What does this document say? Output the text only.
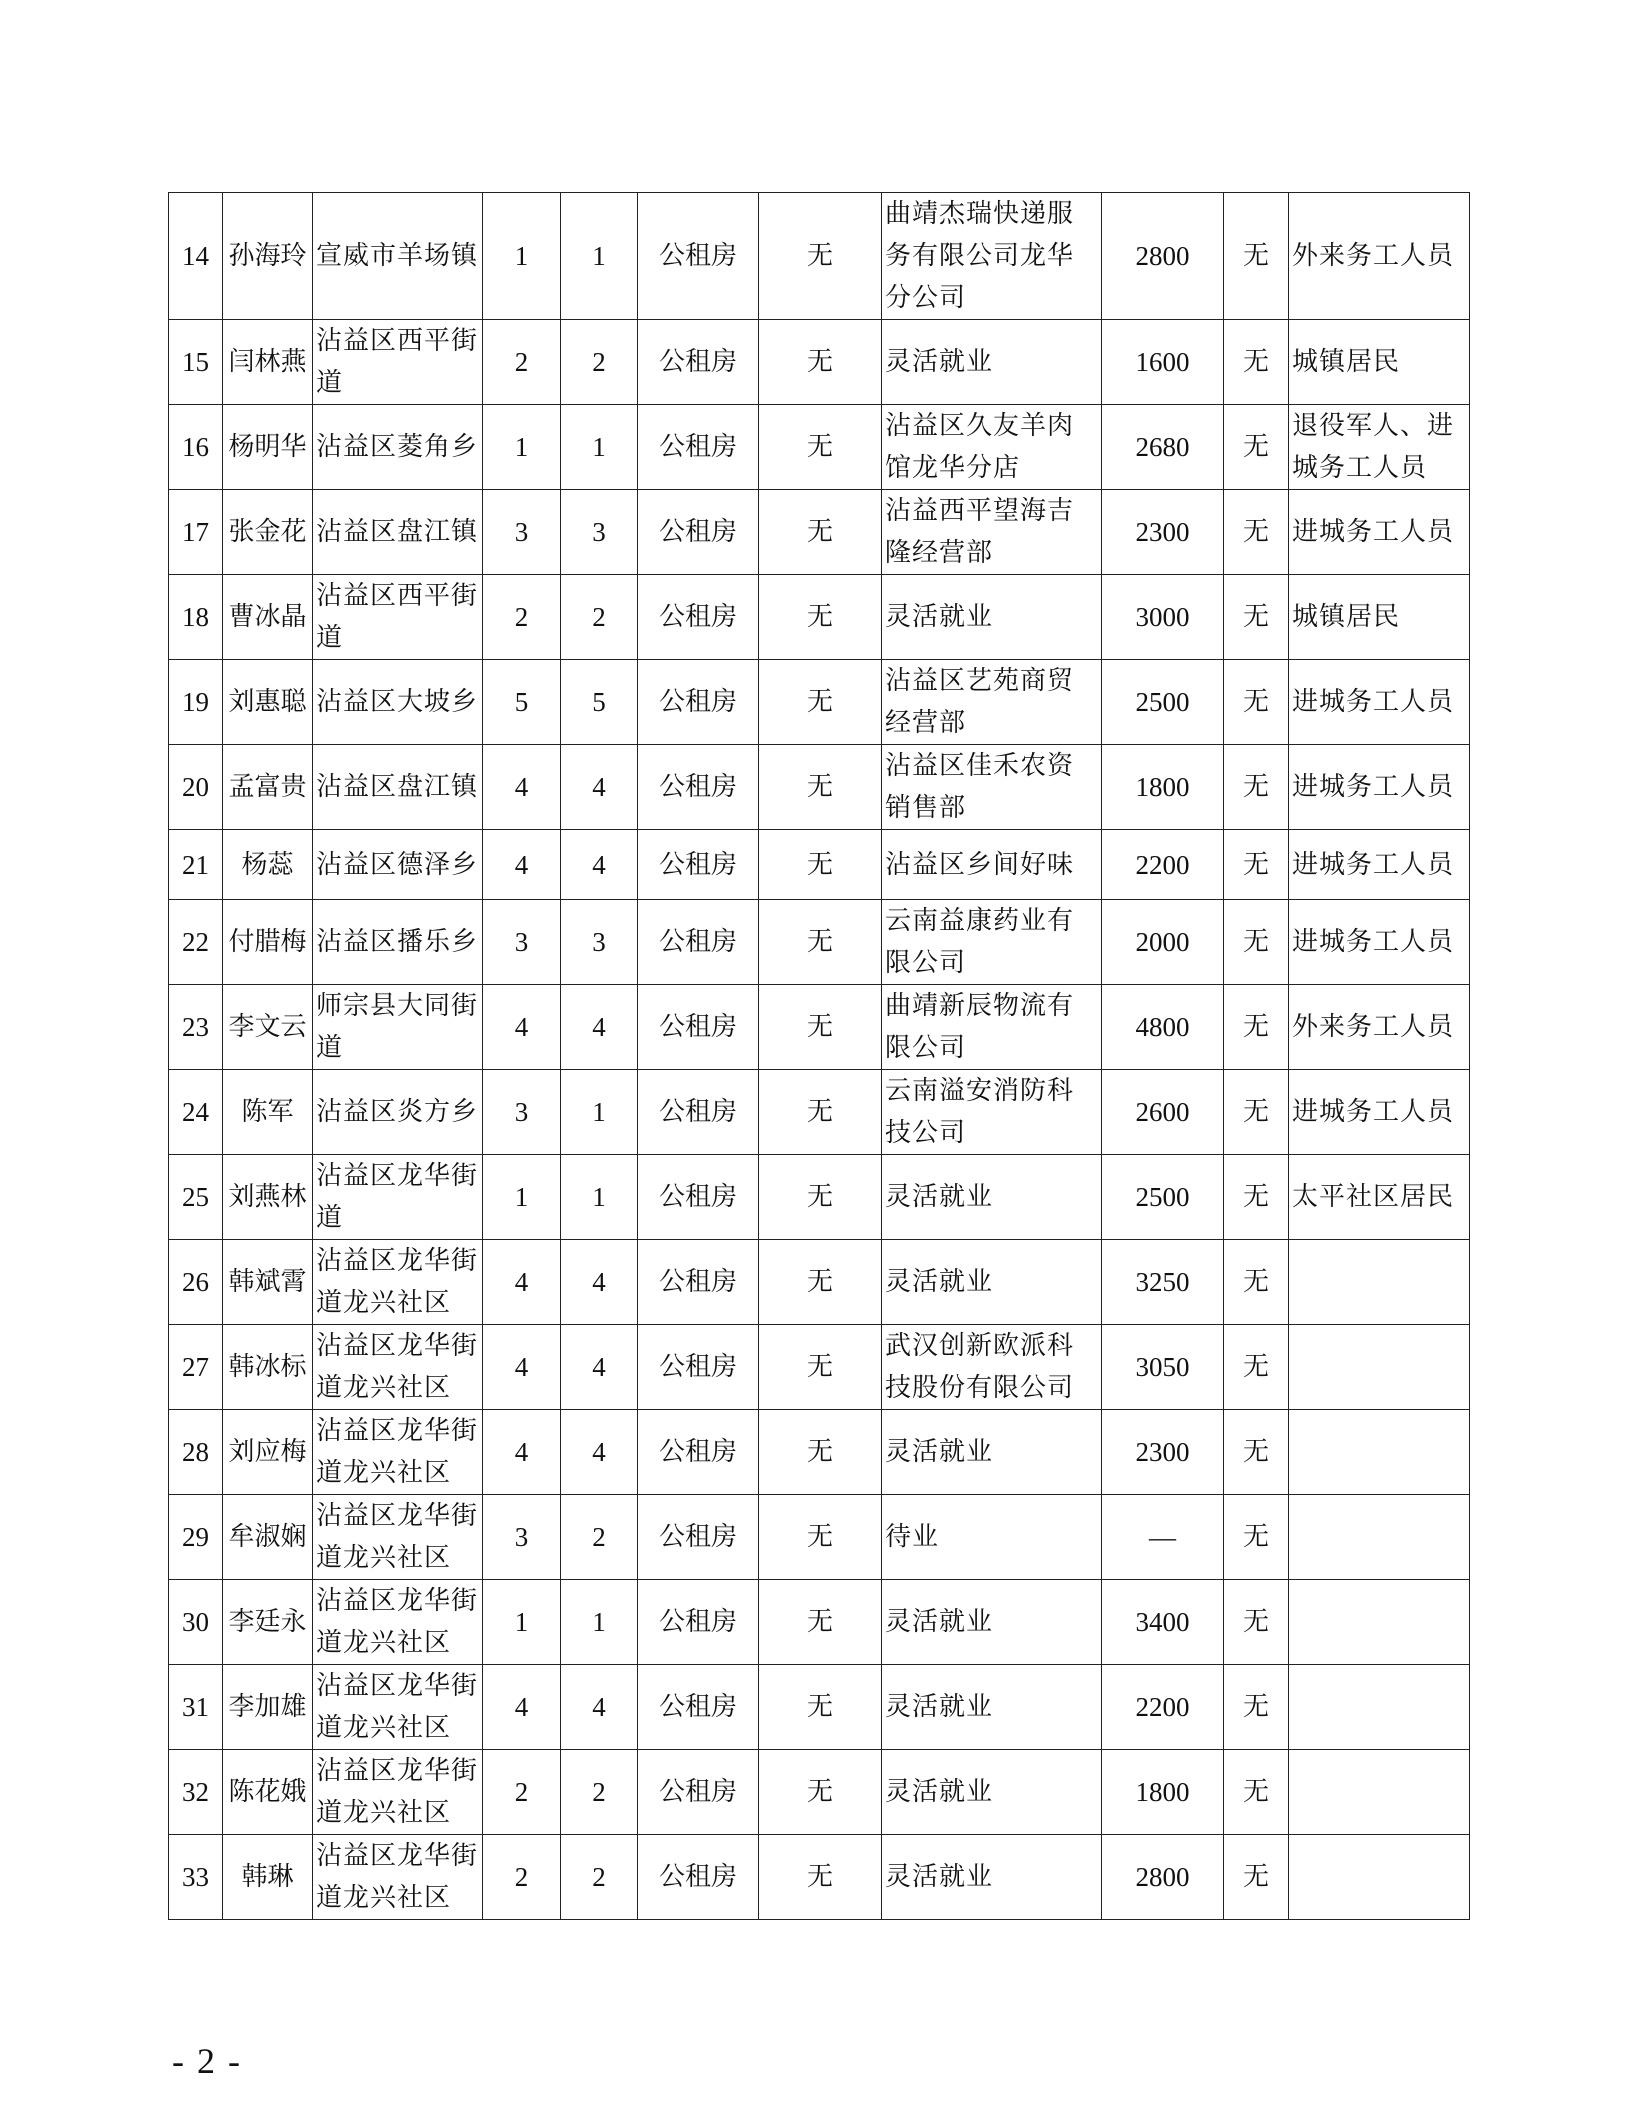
14	孙海玲	宣威市羊场镇	1	1	公租房	无	曲靖杰瑞快递服务有限公司龙华分公司	2800	无	外来务工人员
15	闫林燕	沾益区西平街道	2	2	公租房	无	灵活就业	1600	无	城镇居民
16	杨明华	沾益区菱角乡	1	1	公租房	无	沾益区久友羊肉馆龙华分店	2680	无	退役军人、进城务工人员
17	张金花	沾益区盘江镇	3	3	公租房	无	沾益西平望海吉隆经营部	2300	无	进城务工人员
18	曹冰晶	沾益区西平街道	2	2	公租房	无	灵活就业	3000	无	城镇居民
19	刘惠聪	沾益区大坡乡	5	5	公租房	无	沾益区艺苑商贸经营部	2500	无	进城务工人员
20	孟富贵	沾益区盘江镇	4	4	公租房	无	沾益区佳禾农资销售部	1800	无	进城务工人员
21	杨蕊	沾益区德泽乡	4	4	公租房	无	沾益区乡间好味	2200	无	进城务工人员
22	付腊梅	沾益区播乐乡	3	3	公租房	无	云南益康药业有限公司	2000	无	进城务工人员
23	李文云	师宗县大同街道	4	4	公租房	无	曲靖新辰物流有限公司	4800	无	外来务工人员
24	陈军	沾益区炎方乡	3	1	公租房	无	云南溢安消防科技公司	2600	无	进城务工人员
25	刘燕林	沾益区龙华街道	1	1	公租房	无	灵活就业	2500	无	太平社区居民
26	韩斌霄	沾益区龙华街道龙兴社区	4	4	公租房	无	灵活就业	3250	无	
27	韩冰标	沾益区龙华街道龙兴社区	4	4	公租房	无	武汉创新欧派科技股份有限公司	3050	无	
28	刘应梅	沾益区龙华街道龙兴社区	4	4	公租房	无	灵活就业	2300	无	
29	牟淑娴	沾益区龙华街道龙兴社区	3	2	公租房	无	待业	—	无	
30	李廷永	沾益区龙华街道龙兴社区	1	1	公租房	无	灵活就业	3400	无	
31	李加雄	沾益区龙华街道龙兴社区	4	4	公租房	无	灵活就业	2200	无	
32	陈花娥	沾益区龙华街道龙兴社区	2	2	公租房	无	灵活就业	1800	无	
33	韩琳	沾益区龙华街道龙兴社区	2	2	公租房	无	灵活就业	2800	无	
- 2 -
